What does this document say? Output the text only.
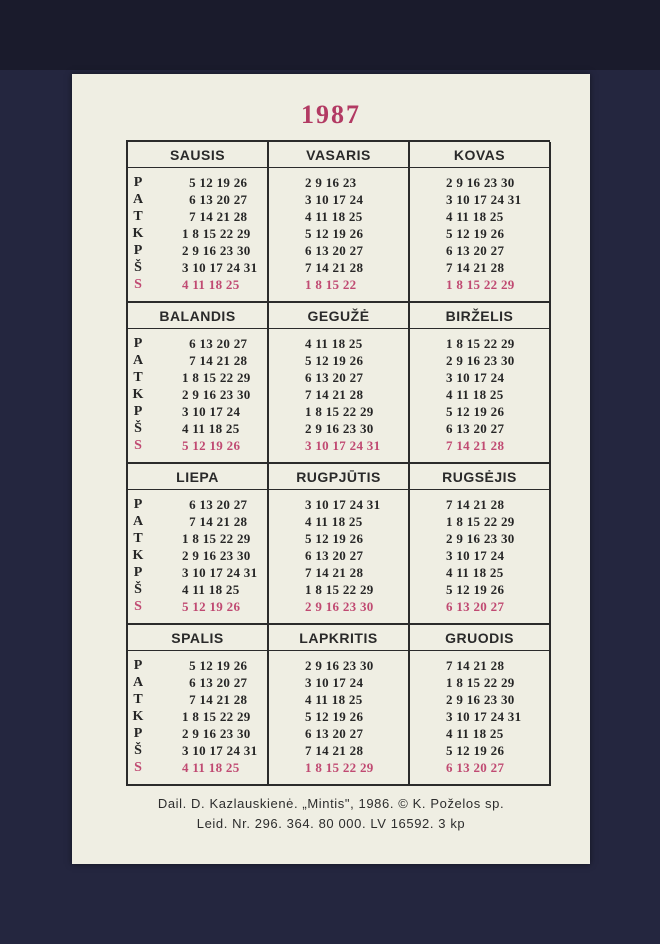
1987
SAUSIS
P
A
T
K
P
Š
S
5 12 19 26
6 13 20 27
7 14 21 28
1 8 15 22 29
2 9 16 23 30
3 10 17 24 31
4 11 18 25
VASARIS
2 9 16 23
3 10 17 24
4 11 18 25
5 12 19 26
6 13 20 27
7 14 21 28
1 8 15 22
KOVAS
2 9 16 23 30
3 10 17 24 31
4 11 18 25
5 12 19 26
6 13 20 27
7 14 21 28
1 8 15 22 29
BALANDIS
P
A
T
K
P
Š
S
6 13 20 27
7 14 21 28
1 8 15 22 29
2 9 16 23 30
3 10 17 24
4 11 18 25
5 12 19 26
GEGUŽĖ
4 11 18 25
5 12 19 26
6 13 20 27
7 14 21 28
1 8 15 22 29
2 9 16 23 30
3 10 17 24 31
BIRŽELIS
1 8 15 22 29
2 9 16 23 30
3 10 17 24
4 11 18 25
5 12 19 26
6 13 20 27
7 14 21 28
LIEPA
P
A
T
K
P
Š
S
6 13 20 27
7 14 21 28
1 8 15 22 29
2 9 16 23 30
3 10 17 24 31
4 11 18 25
5 12 19 26
RUGPJŪTIS
3 10 17 24 31
4 11 18 25
5 12 19 26
6 13 20 27
7 14 21 28
1 8 15 22 29
2 9 16 23 30
RUGSĖJIS
7 14 21 28
1 8 15 22 29
2 9 16 23 30
3 10 17 24
4 11 18 25
5 12 19 26
6 13 20 27
SPALIS
P
A
T
K
P
Š
S
5 12 19 26
6 13 20 27
7 14 21 28
1 8 15 22 29
2 9 16 23 30
3 10 17 24 31
4 11 18 25
LAPKRITIS
2 9 16 23 30
3 10 17 24
4 11 18 25
5 12 19 26
6 13 20 27
7 14 21 28
1 8 15 22 29
GRUODIS
7 14 21 28
1 8 15 22 29
2 9 16 23 30
3 10 17 24 31
4 11 18 25
5 12 19 26
6 13 20 27
Dail. D. Kazlauskienė. „Mintis", 1986. © K. Poželos sp.
Leid. Nr. 296. 364. 80 000. LV 16592. 3 kp
